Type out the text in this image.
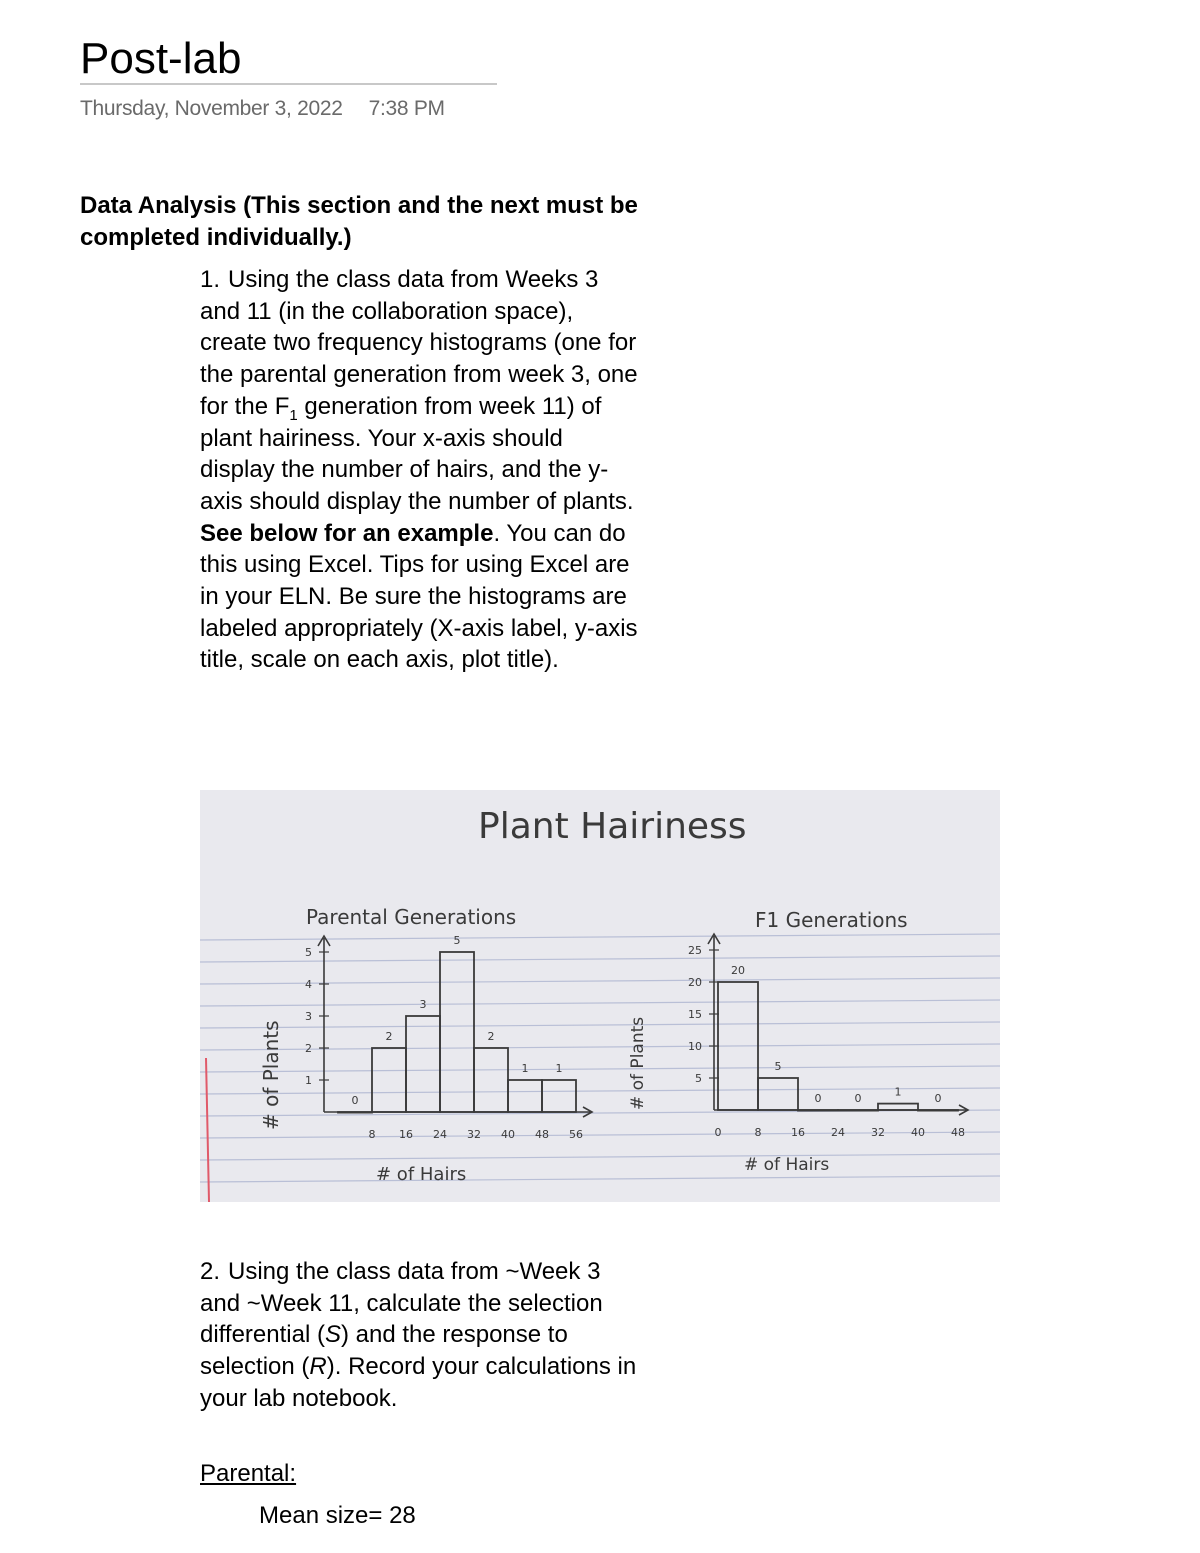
Post-lab
Thursday, November 3, 2022 7:38 PM
Data Analysis (This section and the next must be completed individually.)
1. Using the class data from Weeks 3 and 11 (in the collaboration space), create two frequency histograms (one for the parental generation from week 3, one for the $F_1$ generation from week 11) of plant hairiness. Your x-axis should display the number of hairs, and the y-axis should display the number of plants. See below for an example. You can do this using Excel. Tips for using Excel are in your ELN. Be sure the histograms are labeled appropriately (X-axis label, y-axis title, scale on each axis, plot title).
Plant Hairiness
Parental Generations
# of Plants
# of Hairs
0
2
3
5
2
1 1
8 16 24 32 40 48 56
1
2
3
4
5
F1 Generations
# of Plants
# of Hairs
20
5
0	0	1	0
0	8	16 24 32 40 48
5
10
15
20
25
2. Using the class data from ~Week 3 and ~Week 11, calculate the selection differential (S) and the response to selection (R). Record your calculations in your lab notebook.
Parental:
Mean size= 28
